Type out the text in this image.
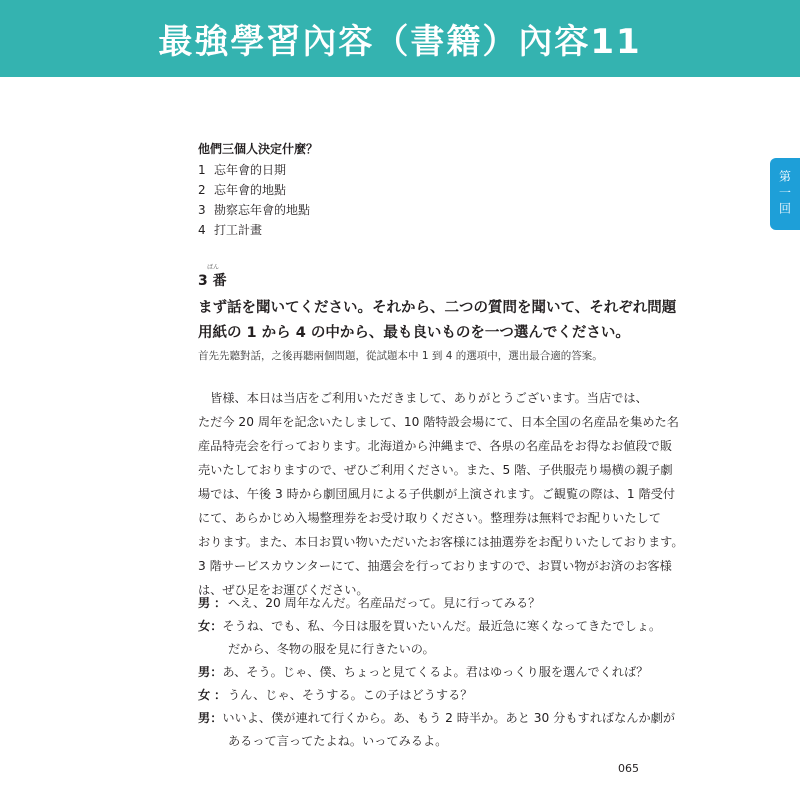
最強學習內容（書籍）內容11
第一回
他們三個人決定什麼？
1 忘年會的日期
2 忘年會的地點
3 勘察忘年會的地點
4 打工計畫
ばん
3 番
まず話を聞いてください。それから、二つの質問を聞いて、それぞれ問題
用紙の 1 から 4 の中から、最も良いものを一つ選んでください。
首先先聽對話，之後再聽兩個問題，從試題本中 1 到 4 的選項中，選出最合適的答案。
　皆様、本日は当店をご利用いただきまして、ありがとうございます。当店では、
ただ今 20 周年を記念いたしまして、10 階特設会場にて、日本全国の名産品を集めた名
産品特売会を行っております。北海道から沖縄まで、各県の名産品をお得なお値段で販
売いたしておりますので、ぜひご利用ください。また、5 階、子供服売り場横の親子劇
場では、午後 3 時から劇団風月による子供劇が上演されます。ご観覧の際は、1 階受付
にて、あらかじめ入場整理券をお受け取りください。整理券は無料でお配りいたして
おります。また、本日お買い物いただいたお客様には抽選券をお配りいたしております。
3 階サービスカウンターにて、抽選会を行っておりますので、お買い物がお済のお客様
は、ぜひ足をお運びください。
男 ： へえ、20 周年なんだ。名産品だって。見に行ってみる？
女 ： そうね、でも、私、今日は服を買いたいんだ。最近急に寒くなってきたでしょ。
だから、冬物の服を見に行きたいの。
男 ： あ、そう。じゃ、僕、ちょっと見てくるよ。君はゆっくり服を選んでくれば？
女 ： うん、じゃ、そうする。この子はどうする？
男 ： いいよ、僕が連れて行くから。あ、もう 2 時半か。あと 30 分もすればなんか劇が
あるって言ってたよね。いってみるよ。
065
